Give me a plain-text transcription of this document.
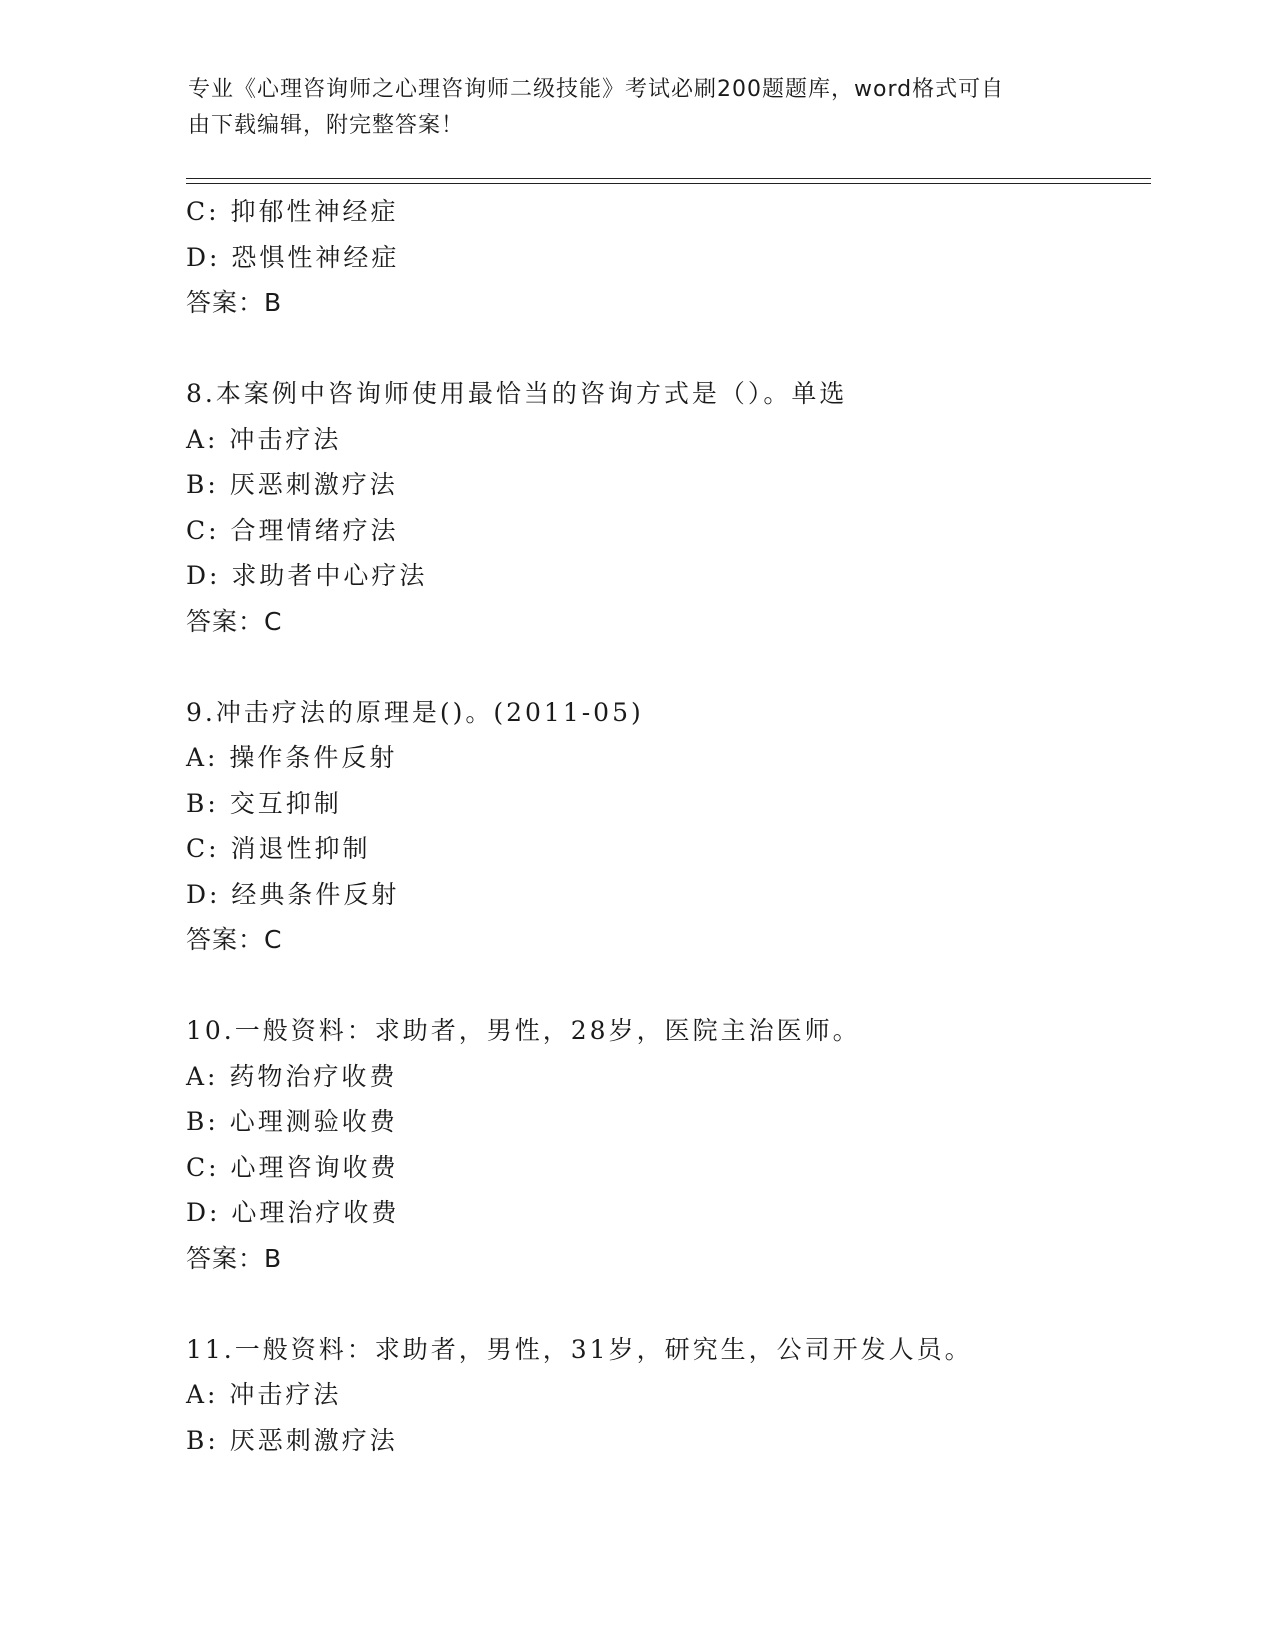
专业《心理咨询师之心理咨询师二级技能》考试必刷200题题库，word格式可自
由下载编辑，附完整答案！
C: 抑郁性神经症
D: 恐惧性神经症
答案：B
8.本案例中咨询师使用最恰当的咨询方式是（）。单选
A: 冲击疗法
B: 厌恶刺激疗法
C: 合理情绪疗法
D: 求助者中心疗法
答案：C
9.冲击疗法的原理是()。(2011-05)
A: 操作条件反射
B: 交互抑制
C: 消退性抑制
D: 经典条件反射
答案：C
10.一般资料：求助者，男性，28岁，医院主治医师。
A: 药物治疗收费
B: 心理测验收费
C: 心理咨询收费
D: 心理治疗收费
答案：B
11.一般资料：求助者，男性，31岁，研究生，公司开发人员。
A: 冲击疗法
B: 厌恶刺激疗法
